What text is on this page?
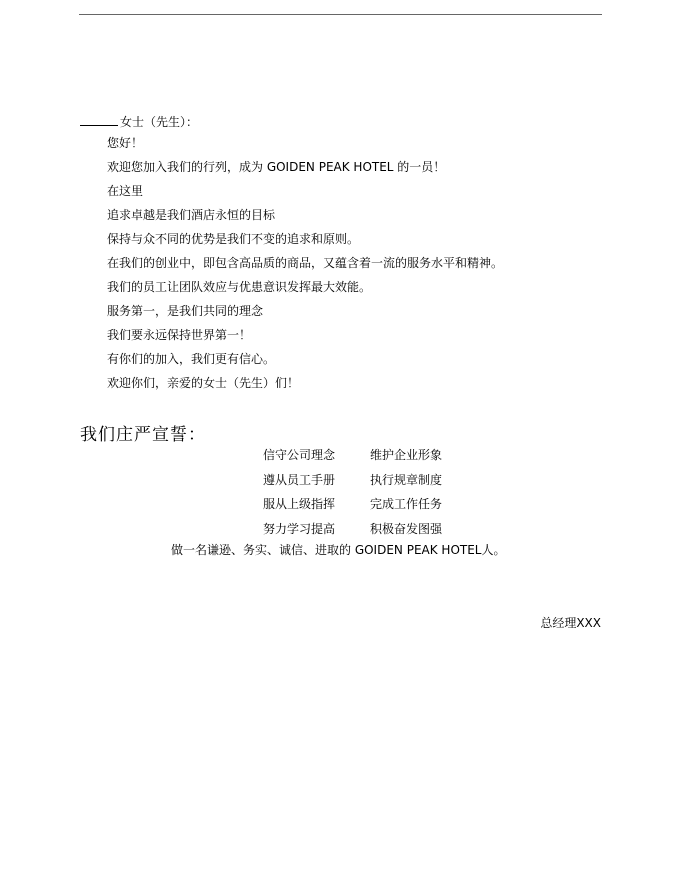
女士（先生）：
您好！
欢迎您加入我们的行列，成为 GOIDEN PEAK HOTEL 的一员！
在这里
追求卓越是我们酒店永恒的目标
保持与众不同的优势是我们不变的追求和原则。
在我们的创业中，即包含高品质的商品，又蕴含着一流的服务水平和精神。
我们的员工让团队效应与优患意识发挥最大效能。
服务第一，是我们共同的理念
我们要永远保持世界第一！
有你们的加入，我们更有信心。
欢迎你们，亲爱的女士（先生）们！
我们庄严宣誓：
信守公司理念	维护企业形象
遵从员工手册	执行规章制度
服从上级指挥	完成工作任务
努力学习提高	积极奋发图强
做一名谦逊、务实、诚信、进取的 GOIDEN PEAK HOTEL人。
总经理XXX
